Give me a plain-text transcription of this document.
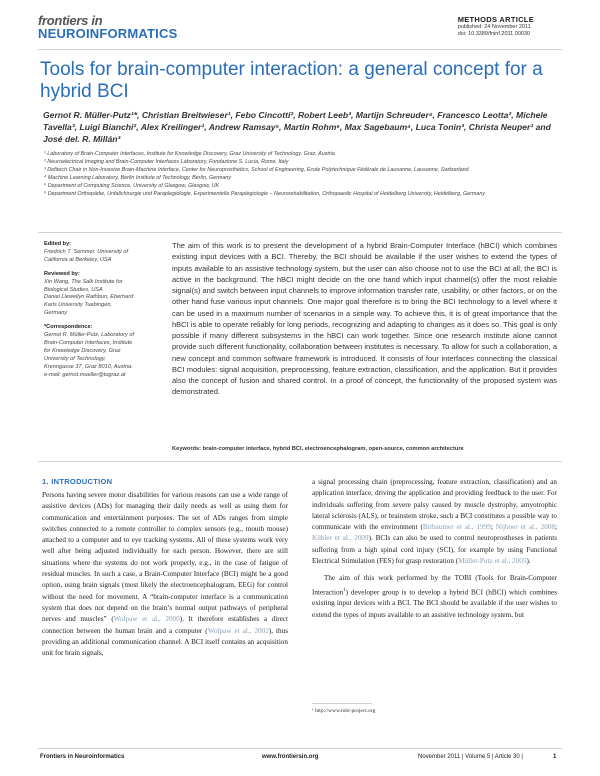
frontiers in
NEUROINFORMATICS
METHODS ARTICLE
published: 24 November 2011
doi: 10.3389/fninf.2011.00030
Tools for brain-computer interaction: a general concept for a hybrid BCI
Gernot R. Müller-Putz¹*, Christian Breitwieser¹, Febo Cincotti², Robert Leeb³, Martijn Schreuder⁴, Francesco Leotta², Michele Tavella³, Luigi Bianchi², Alex Kreilinger¹, Andrew Ramsay⁵, Martin Rohm⁶, Max Sagebaum⁴, Luca Tonin³, Christa Neuper¹ and José del. R. Millán³
¹ Laboratory of Brain-Computer Interfaces, Institute for Knowledge Discovery, Graz University of Technology, Graz, Austria
² Neuroelectrical Imaging and Brain-Computer Interfaces Laboratory, Fondazione S. Lucia, Rome, Italy
³ Defitech Chair in Non-Invasive Brain-Machine Interface, Center for Neuroprosthetics, School of Engineering, Ecole Polytechnique Fédérale de Lausanne, Lausanne, Switzerland
⁴ Machine Learning Laboratory, Berlin Institute of Technology, Berlin, Germany
⁵ Department of Computing Science, University of Glasgow, Glasgow, UK
⁶ Department Orthopädie, Unfallchirurgie und Paraplegiologie, Experimentelle Paraplegiologie – Neurorehabilitation, Orthopaedic Hospital of Heidelberg University, Heidelberg, Germany
Edited by:
Friedrich T. Sommer, University of California at Berkeley, USA
Reviewed by:
Xin Wang, The Salk Institute for Biological Studies, USA
Daniel Llewellyn Rathbun, Eberhard Karls University Tuebingen, Germany
*Correspondence:
Gernot R. Müller-Putz, Laboratory of Brain-Computer Interfaces, Institute for Knowledge Discovery, Graz University of Technology, Krenngasse 37, Graz 8010, Austria.
e-mail: gernot.mueller@tugraz.at
The aim of this work is to present the development of a hybrid Brain-Computer Interface (hBCI) which combines existing input devices with a BCI. Thereby, the BCI should be available if the user wishes to extend the types of inputs available to an assistive technology system, but the user can also choose not to use the BCI at all; the BCI is active in the background. The hBCI might decide on the one hand which input channel(s) offer the most reliable signal(s) and switch between input channels to improve information transfer rate, usability, or other factors, or on the other hand fuse various input channels. One major goal therefore is to bring the BCI technology to a level where it can be used in a maximum number of scenarios in a simple way. To achieve this, it is of great importance that the hBCI is able to operate reliably for long periods, recognizing and adapting to changes as it does so. This goal is only possible if many different subsystems in the hBCI can work together. Since one research institute alone cannot provide such different functionality, collaboration between institutes is necessary. To allow for such a collaboration, a new concept and common software framework is introduced. It consists of four interfaces connecting the classical BCI modules: signal acquisition, preprocessing, feature extraction, classification, and the application. But it provides also the concept of fusion and shared control. In a proof of concept, the functionality of the proposed system was demonstrated.
Keywords: brain-computer interface, hybrid BCI, electroencephalogram, open-source, common architecture
1. INTRODUCTION
Persons having severe motor disabilities for various reasons can use a wide range of assistive devices (ADs) for managing their daily needs as well as using them for communication and entertainment purposes. The set of ADs ranges from simple switches connected to a remote controller to complex sensors (e.g., mouth mouse) attached to a computer and to eye tracking systems. All of these systems work very well after being adjusted individually for each person. However, there are still situations where the systems do not work properly, e.g., in the case of fatigue of residual muscles. In such a case, a Brain-Computer Interface (BCI) might be a good option, using brain signals (most likely the electroencephalogram, EEG) for control without the need for movement. A “brain-computer interface is a communication system that does not depend on the brain’s normal output pathways of peripheral nerves and muscles” (Wolpaw et al., 2000). It therefore establishes a direct connection between the human brain and a computer (Wolpaw et al., 2002), thus providing an additional communication channel. A BCI itself contains an acquisition unit for brain signals,
a signal processing chain (preprocessing, feature extraction, classification) and an application interface, driving the application and providing feedback to the user. For individuals suffering from severe palsy caused by muscle dystrophy, amyotrophic lateral sclerosis (ALS), or brainstem stroke, such a BCI constitutes a possible way to communicate with the environment (Birbaumer et al., 1999; Nijboer et al., 2008; Kübler et al., 2009). BCIs can also be used to control neuroprostheses in patients suffering from a high spinal cord injury (SCI), for example by using Functional Electrical Stimulation (FES) for grasp restoration (Müller-Putz et al., 2005).
The aim of this work performed by the TOBI (Tools for Brain-Computer Interaction$^1$) developer group is to develop a hybrid BCI (hBCI) which combines existing input devices with a BCI. The BCI should be available if the user wishes to extend the types of inputs available to an assistive technology system, but
¹ http://www.tobi-project.org
Frontiers in Neuroinformatics	www.frontiersin.org	November 2011 | Volume 5 | Article 30 |	1
